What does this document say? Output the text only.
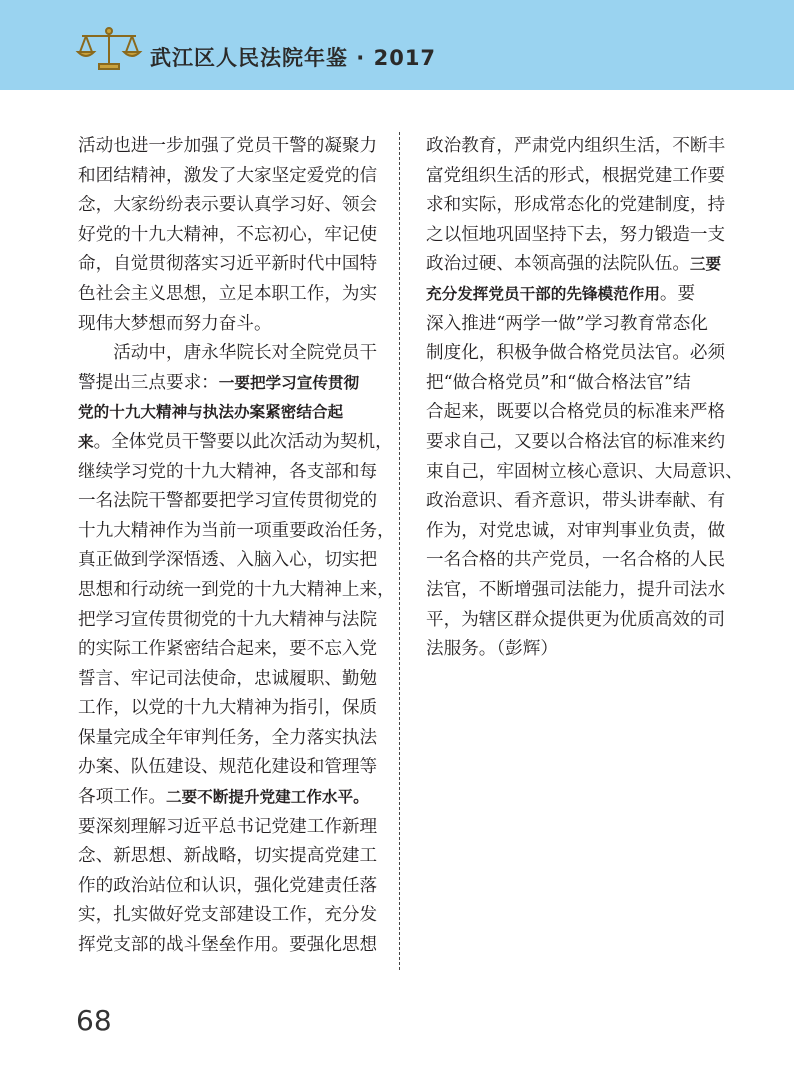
武江区人民法院年鉴 · 2017
活动也进一步加强了党员干警的凝聚力
和团结精神，激发了大家坚定爱党的信
念，大家纷纷表示要认真学习好、领会
好党的十九大精神，不忘初心，牢记使
命，自觉贯彻落实习近平新时代中国特
色社会主义思想，立足本职工作，为实
现伟大梦想而努力奋斗。
　　活动中，唐永华院长对全院党员干
警提出三点要求：一要把学习宣传贯彻
党的十九大精神与执法办案紧密结合起
来。全体党员干警要以此次活动为契机，
继续学习党的十九大精神，各支部和每
一名法院干警都要把学习宣传贯彻党的
十九大精神作为当前一项重要政治任务，
真正做到学深悟透、入脑入心，切实把
思想和行动统一到党的十九大精神上来，
把学习宣传贯彻党的十九大精神与法院
的实际工作紧密结合起来，要不忘入党
誓言、牢记司法使命，忠诚履职、勤勉
工作，以党的十九大精神为指引，保质
保量完成全年审判任务，全力落实执法
办案、队伍建设、规范化建设和管理等
各项工作。二要不断提升党建工作水平。
要深刻理解习近平总书记党建工作新理
念、新思想、新战略，切实提高党建工
作的政治站位和认识，强化党建责任落
实，扎实做好党支部建设工作，充分发
挥党支部的战斗堡垒作用。要强化思想
政治教育，严肃党内组织生活，不断丰
富党组织生活的形式，根据党建工作要
求和实际，形成常态化的党建制度，持
之以恒地巩固坚持下去，努力锻造一支
政治过硬、本领高强的法院队伍。三要
充分发挥党员干部的先锋模范作用。要
深入推进“两学一做”学习教育常态化
制度化，积极争做合格党员法官。必须
把“做合格党员”和“做合格法官”结
合起来，既要以合格党员的标准来严格
要求自己，又要以合格法官的标准来约
束自己，牢固树立核心意识、大局意识、
政治意识、看齐意识，带头讲奉献、有
作为，对党忠诚，对审判事业负责，做
一名合格的共产党员，一名合格的人民
法官，不断增强司法能力，提升司法水
平，为辖区群众提供更为优质高效的司
法服务。（彭辉）
68
